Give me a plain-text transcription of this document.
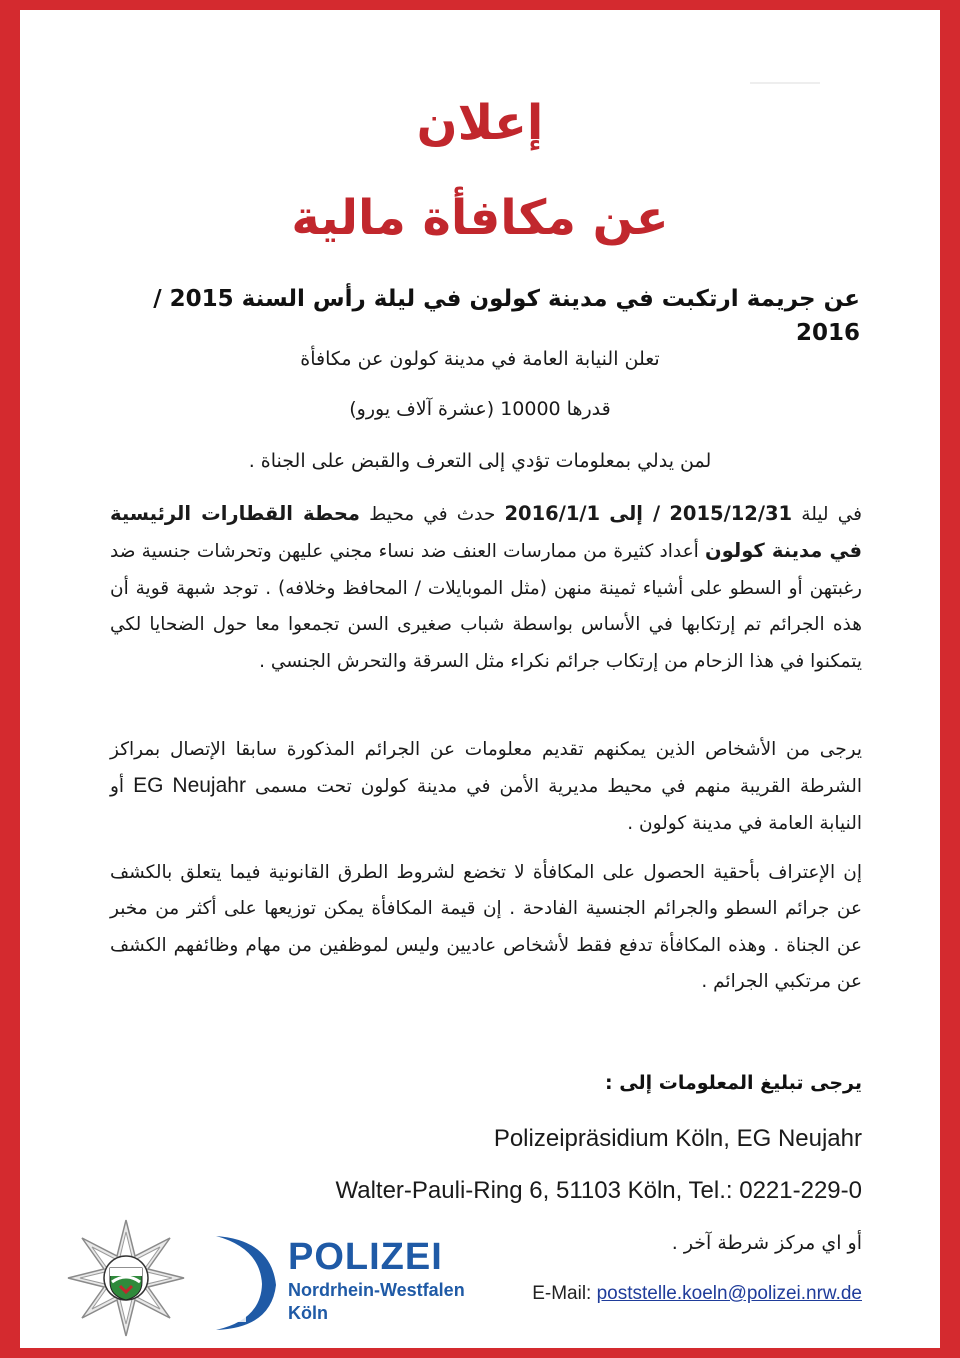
إعلان
عن مكافأة مالية
عن جريمة ارتكبت في مدينة كولون في ليلة رأس السنة 2015 / 2016
تعلن النيابة العامة في مدينة كولون عن مكافأة
قدرها 10000 (عشرة آلاف يورو)
لمن يدلي بمعلومات تؤدي إلى التعرف والقبض على الجناة .
في ليلة 2015/12/31 / إلى 2016/1/1 حدث في محيط محطة القطارات الرئيسية في مدينة كولون أعداد كثيرة من ممارسات العنف ضد نساء مجني عليهن وتحرشات جنسية ضد رغبتهن أو السطو على أشياء ثمينة منهن (مثل الموبايلات / المحافظ وخلافه) . توجد شبهة قوية أن هذه الجرائم تم إرتكابها في الأساس بواسطة شباب صغيرى السن تجمعوا معا حول الضحايا لكي يتمكنوا في هذا الزحام من إرتكاب جرائم نكراء مثل السرقة والتحرش الجنسي .
يرجى من الأشخاص الذين يمكنهم تقديم معلومات عن الجرائم المذكورة سابقا الإتصال بمراكز الشرطة القريبة منهم في محيط مديرية الأمن في مدينة كولون تحت مسمى EG Neujahr أو النيابة العامة في مدينة كولون .
إن الإعتراف بأحقية الحصول على المكافأة لا تخضع لشروط الطرق القانونية فيما يتعلق بالكشف عن جرائم السطو والجرائم الجنسية الفادحة . إن قيمة المكافأة يمكن توزيعها على أكثر من مخبر عن الجناة . وهذه المكافأة تدفع فقط لأشخاص عاديين وليس لموظفين من مهام وظائفهم الكشف عن مرتكبي الجرائم .
يرجى تبليغ المعلومات إلى :
Polizeipräsidium Köln, EG Neujahr
Walter-Pauli-Ring 6, 51103 Köln, Tel.: 0221-229-0
أو اي مركز شرطة آخر .
E-Mail: poststelle.koeln@polizei.nrw.de
POLIZEI
Nordrhein-Westfalen
Köln
